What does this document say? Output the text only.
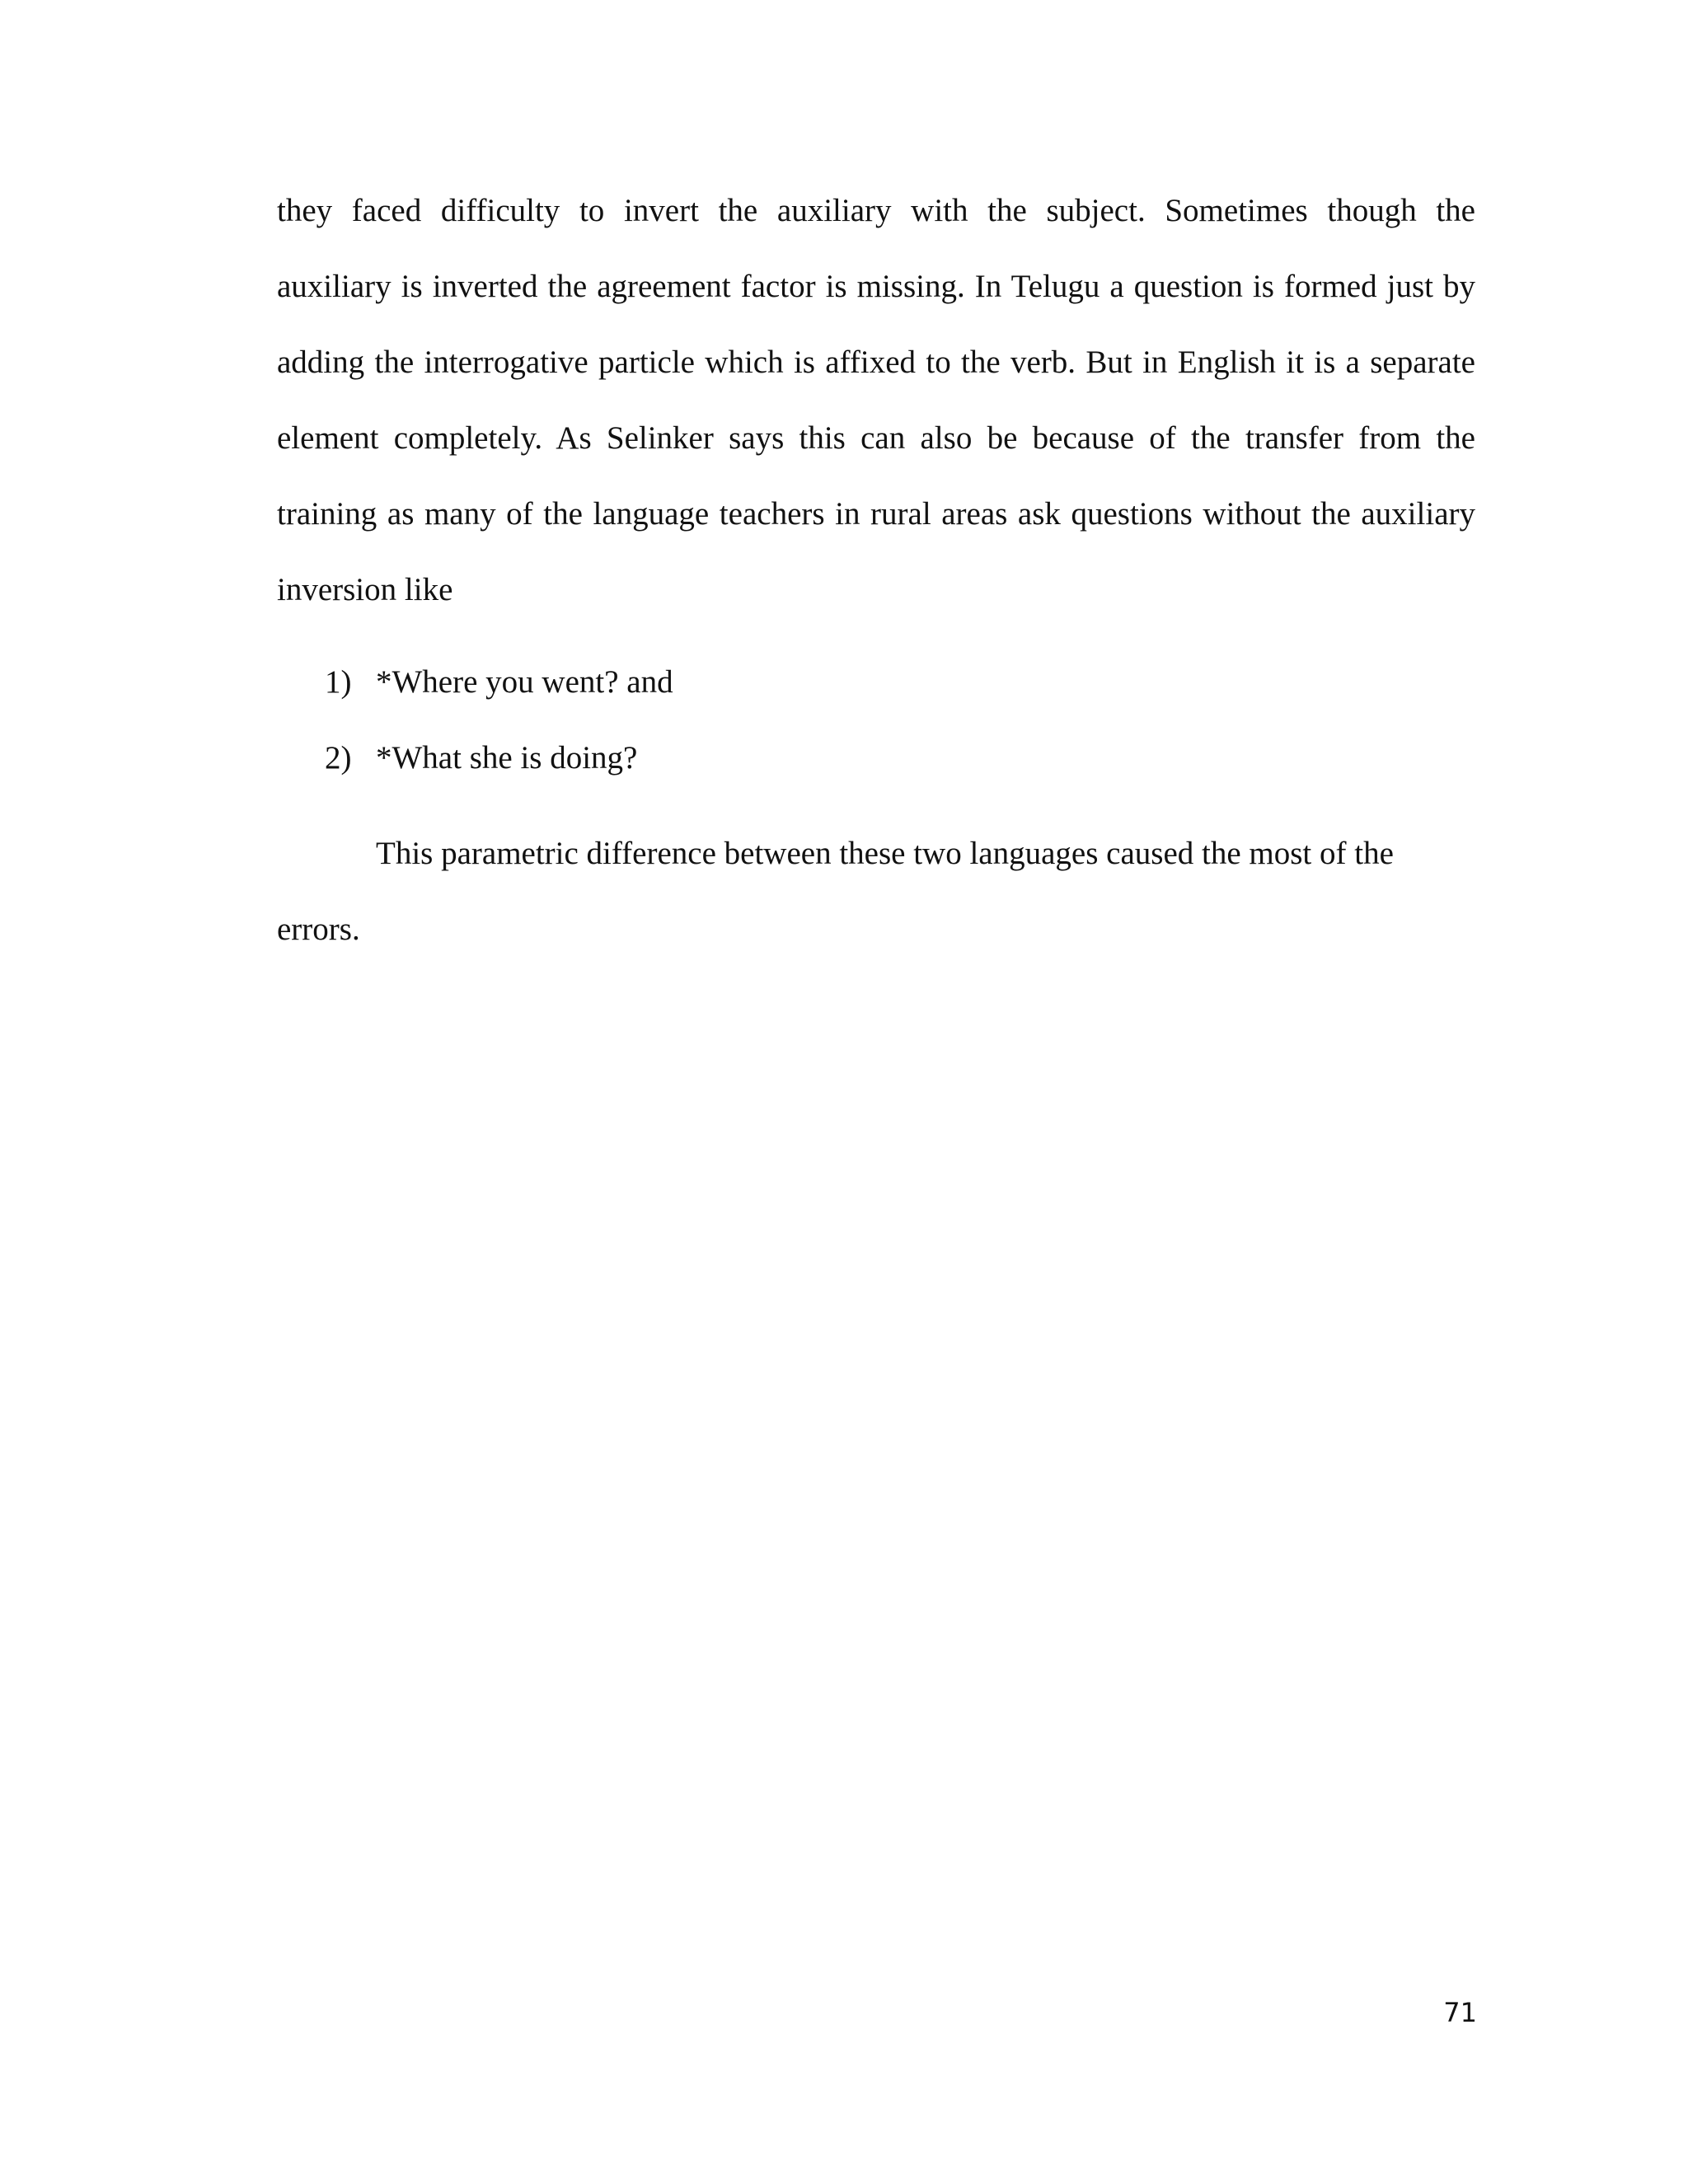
they faced difficulty to invert the auxiliary with the subject. Sometimes though the
auxiliary is inverted the agreement factor is missing. In Telugu a question is formed just by
adding the interrogative particle which is affixed to the verb. But in English it is a separate
element completely. As Selinker says this can also be because of the transfer from the
training as many of the language teachers in rural areas ask questions without the auxiliary
inversion like
1) *Where you went? and
2) *What she is doing?
This parametric difference between these two languages caused the most of the
errors.
71
